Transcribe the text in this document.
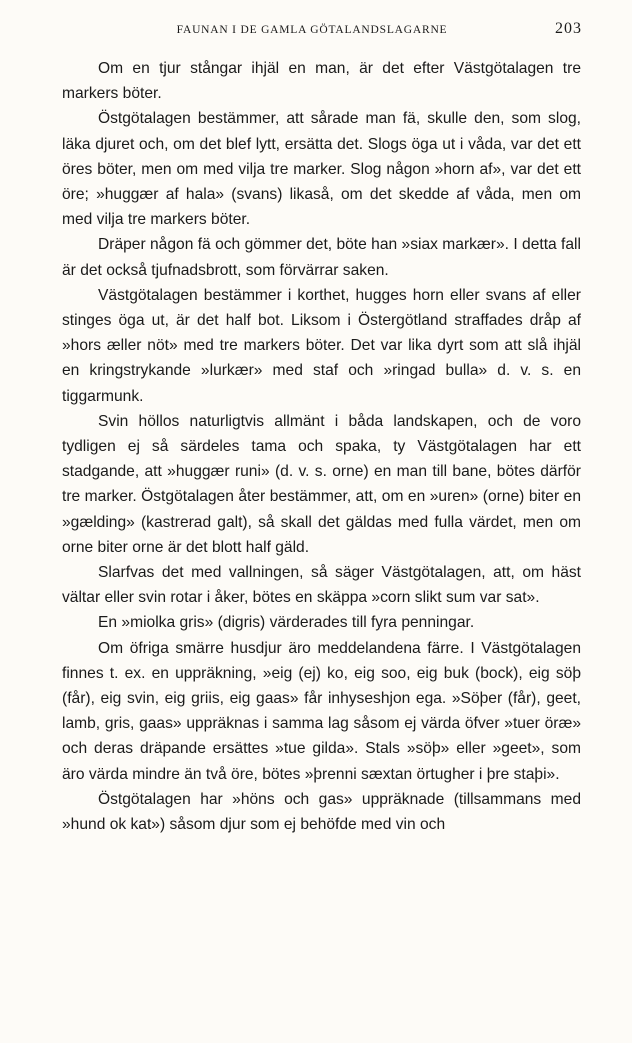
FAUNAN I DE GAMLA GÖTALANDSLAGARNE	203

Om en tjur stångar ihjäl en man, är det efter Västgötalagen tre markers böter.

Östgötalagen bestämmer, att sårade man fä, skulle den, som slog, läka djuret och, om det blef lytt, ersätta det. Slogs öga ut i våda, var det ett öres böter, men om med vilja tre marker. Slog någon »horn af», var det ett öre; »huggær af hala» (svans) likaså, om det skedde af våda, men om med vilja tre markers böter.

Dräper någon fä och gömmer det, böte han »siax markær». I detta fall är det också tjufnadsbrott, som förvärrar saken.

Västgötalagen bestämmer i korthet, hugges horn eller svans af eller stinges öga ut, är det half bot. Liksom i Östergötland straffades dråp af »hors æller nöt» med tre markers böter. Det var lika dyrt som att slå ihjäl en kringstrykande »lurkær» med staf och »ringad bulla» d. v. s. en tiggarmunk.

Svin höllos naturligtvis allmänt i båda landskapen, och de voro tydligen ej så särdeles tama och spaka, ty Västgötalagen har ett stadgande, att »huggær runi» (d. v. s. orne) en man till bane, bötes därför tre marker. Östgötalagen åter bestämmer, att, om en »uren» (orne) biter en »gælding» (kastrerad galt), så skall det gäldas med fulla värdet, men om orne biter orne är det blott half gäld.

Slarfvas det med vallningen, så säger Västgötalagen, att, om häst vältar eller svin rotar i åker, bötes en skäppa »corn slikt sum var sat».

En »miolka gris» (digris) värderades till fyra penningar.

Om öfriga smärre husdjur äro meddelandena färre. I Västgötalagen finnes t. ex. en uppräkning, »eig (ej) ko, eig soo, eig buk (bock), eig söþ (får), eig svin, eig griis, eig gaas» får inhyseshjon ega. »Söþer (får), geet, lamb, gris, gaas» uppräknas i samma lag såsom ej värda öfver »tuer öræ» och deras dräpande ersättes »tue gilda». Stals »söþ» eller »geet», som äro värda mindre än två öre, bötes »þrenni sæxtan örtugher i þre staþi».

Östgötalagen har »höns och gas» uppräknade (tillsammans med »hund ok kat») såsom djur som ej behöfde med vin och
